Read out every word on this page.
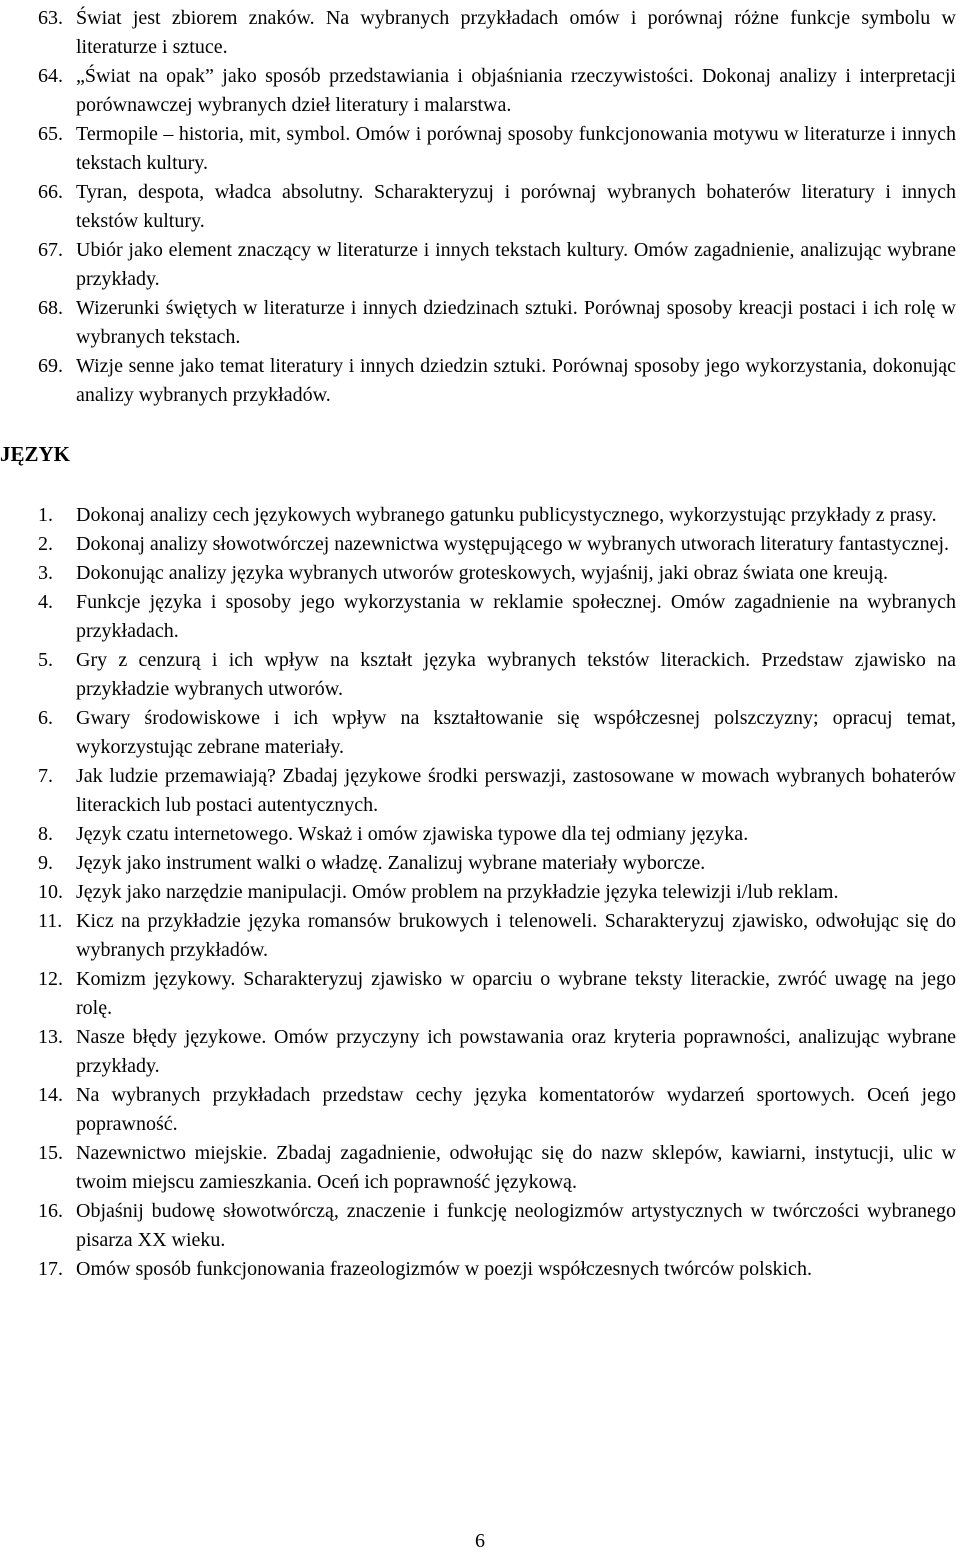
63. Świat jest zbiorem znaków. Na wybranych przykładach omów i porównaj różne funkcje symbolu w literaturze i sztuce.
64. „Świat na opak” jako sposób przedstawiania i objaśniania rzeczywistości. Dokonaj analizy i interpretacji porównawczej wybranych dzieł literatury i malarstwa.
65. Termopile – historia, mit, symbol. Omów i porównaj sposoby funkcjonowania motywu w literaturze i innych tekstach kultury.
66. Tyran, despota, władca absolutny. Scharakteryzuj i porównaj wybranych bohaterów literatury i innych tekstów kultury.
67. Ubiór jako element znaczący w literaturze i innych tekstach kultury. Omów zagadnienie, analizując wybrane przykłady.
68. Wizerunki świętych w literaturze i innych dziedzinach sztuki. Porównaj sposoby kreacji postaci i ich rolę w wybranych tekstach.
69. Wizje senne jako temat literatury i innych dziedzin sztuki. Porównaj sposoby jego wykorzystania, dokonując analizy wybranych przykładów.
JĘZYK
1.	Dokonaj analizy cech językowych wybranego gatunku publicystycznego, wykorzystując przykłady z prasy.
2.	Dokonaj analizy słowotwórczej nazewnictwa występującego w wybranych utworach literatury fantastycznej.
3.	Dokonując analizy języka wybranych utworów groteskowych, wyjaśnij, jaki obraz świata one kreują.
4.	Funkcje języka i sposoby jego wykorzystania w reklamie społecznej. Omów zagadnienie na wybranych przykładach.
5.	Gry z cenzurą i ich wpływ na kształt języka wybranych tekstów literackich. Przedstaw zjawisko na przykładzie wybranych utworów.
6.	Gwary środowiskowe i ich wpływ na kształtowanie się współczesnej polszczyzny; opracuj temat, wykorzystując zebrane materiały.
7.	Jak ludzie przemawiają? Zbadaj językowe środki perswazji, zastosowane w mowach wybranych bohaterów literackich lub postaci autentycznych.
8.	Język czatu internetowego. Wskaż i omów zjawiska typowe dla tej odmiany języka.
9.	Język jako instrument walki o władzę. Zanalizuj wybrane materiały wyborcze.
10. Język jako narzędzie manipulacji. Omów problem na przykładzie języka telewizji i/lub reklam.
11. Kicz na przykładzie języka romansów brukowych i telenoweli. Scharakteryzuj zjawisko, odwołując się do wybranych przykładów.
12. Komizm językowy. Scharakteryzuj zjawisko w oparciu o wybrane teksty literackie, zwróć uwagę na jego rolę.
13. Nasze błędy językowe. Omów przyczyny ich powstawania oraz kryteria poprawności, analizując wybrane przykłady.
14. Na wybranych przykładach przedstaw cechy języka komentatorów wydarzeń sportowych. Oceń jego poprawność.
15. Nazewnictwo miejskie. Zbadaj zagadnienie, odwołując się do nazw sklepów, kawiarni, instytucji, ulic w twoim miejscu zamieszkania. Oceń ich poprawność językową.
16. Objaśnij budowę słowotwórczą, znaczenie i funkcję neologizmów artystycznych w twórczości wybranego pisarza XX wieku.
17. Omów sposób funkcjonowania frazeologizmów w poezji współczesnych twórców polskich.
6
